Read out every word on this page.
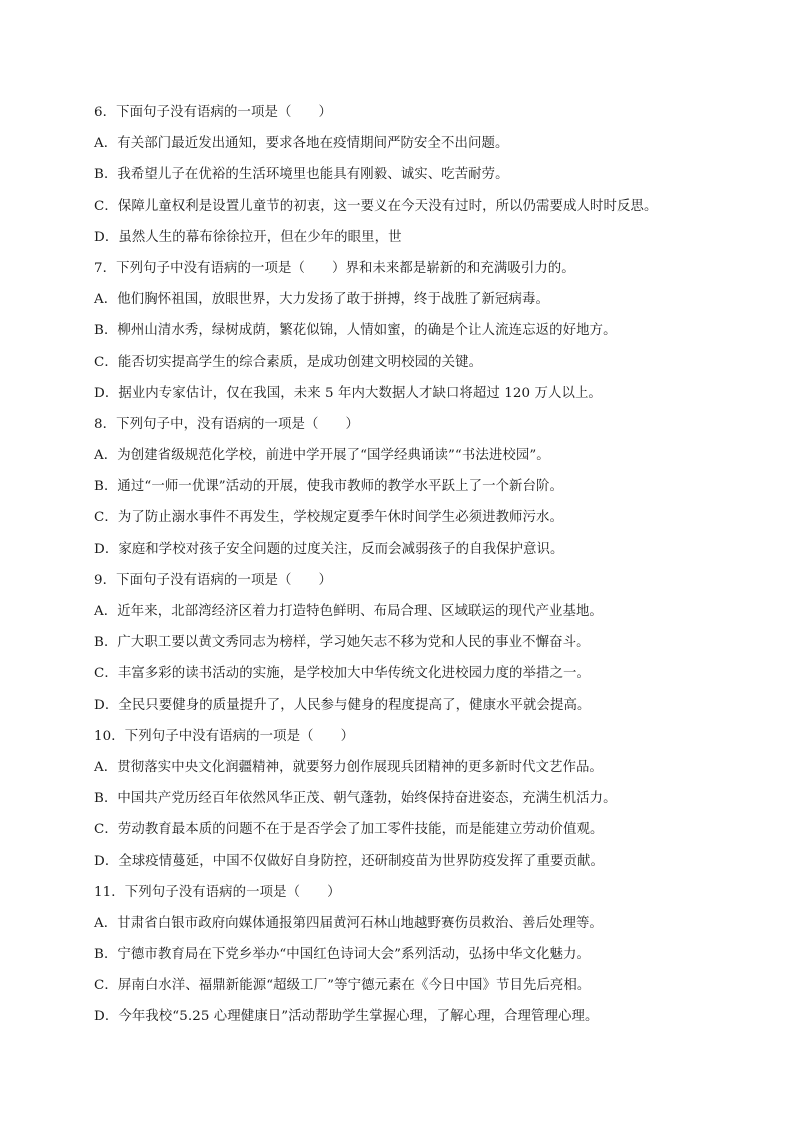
6．下面句子没有语病的一项是（　　）
A．有关部门最近发出通知，要求各地在疫情期间严防安全不出问题。
B．我希望儿子在优裕的生活环境里也能具有刚毅、诚实、吃苦耐劳。
C．保障儿童权利是设置儿童节的初衷，这一要义在今天没有过时，所以仍需要成人时时反思。
D．虽然人生的幕布徐徐拉开，但在少年的眼里，世
7．下列句子中没有语病的一项是（　　）界和未来都是崭新的和充满吸引力的。
A．他们胸怀祖国，放眼世界，大力发扬了敢于拼搏，终于战胜了新冠病毒。
B．柳州山清水秀，绿树成荫，繁花似锦，人情如蜜，的确是个让人流连忘返的好地方。
C．能否切实提高学生的综合素质，是成功创建文明校园的关键。
D．据业内专家估计，仅在我国，未来 5 年内大数据人才缺口将超过 120 万人以上。
8．下列句子中，没有语病的一项是（　　）
A．为创建省级规范化学校，前进中学开展了“国学经典诵读”“书法进校园”。
B．通过“一师一优课”活动的开展，使我市教师的教学水平跃上了一个新台阶。
C．为了防止溺水事件不再发生，学校规定夏季午休时间学生必须进教师污水。
D．家庭和学校对孩子安全问题的过度关注，反而会减弱孩子的自我保护意识。
9．下面句子没有语病的一项是（　　）
A．近年来，北部湾经济区着力打造特色鲜明、布局合理、区域联运的现代产业基地。
B．广大职工要以黄文秀同志为榜样，学习她矢志不移为党和人民的事业不懈奋斗。
C．丰富多彩的读书活动的实施，是学校加大中华传统文化进校园力度的举措之一。
D．全民只要健身的质量提升了，人民参与健身的程度提高了，健康水平就会提高。
10．下列句子中没有语病的一项是（　　）
A．贯彻落实中央文化润疆精神，就要努力创作展现兵团精神的更多新时代文艺作品。
B．中国共产党历经百年依然风华正茂、朝气蓬勃，始终保持奋进姿态，充满生机活力。
C．劳动教育最本质的问题不在于是否学会了加工零件技能，而是能建立劳动价值观。
D．全球疫情蔓延，中国不仅做好自身防控，还研制疫苗为世界防疫发挥了重要贡献。
11．下列句子没有语病的一项是（　　）
A．甘肃省白银市政府向媒体通报第四届黄河石林山地越野赛伤员救治、善后处理等。
B．宁德市教育局在下党乡举办“中国红色诗词大会”系列活动，弘扬中华文化魅力。
C．屏南白水洋、福鼎新能源“超级工厂”等宁德元素在《今日中国》节目先后亮相。
D．今年我校“5.25 心理健康日”活动帮助学生掌握心理，了解心理，合理管理心理。
